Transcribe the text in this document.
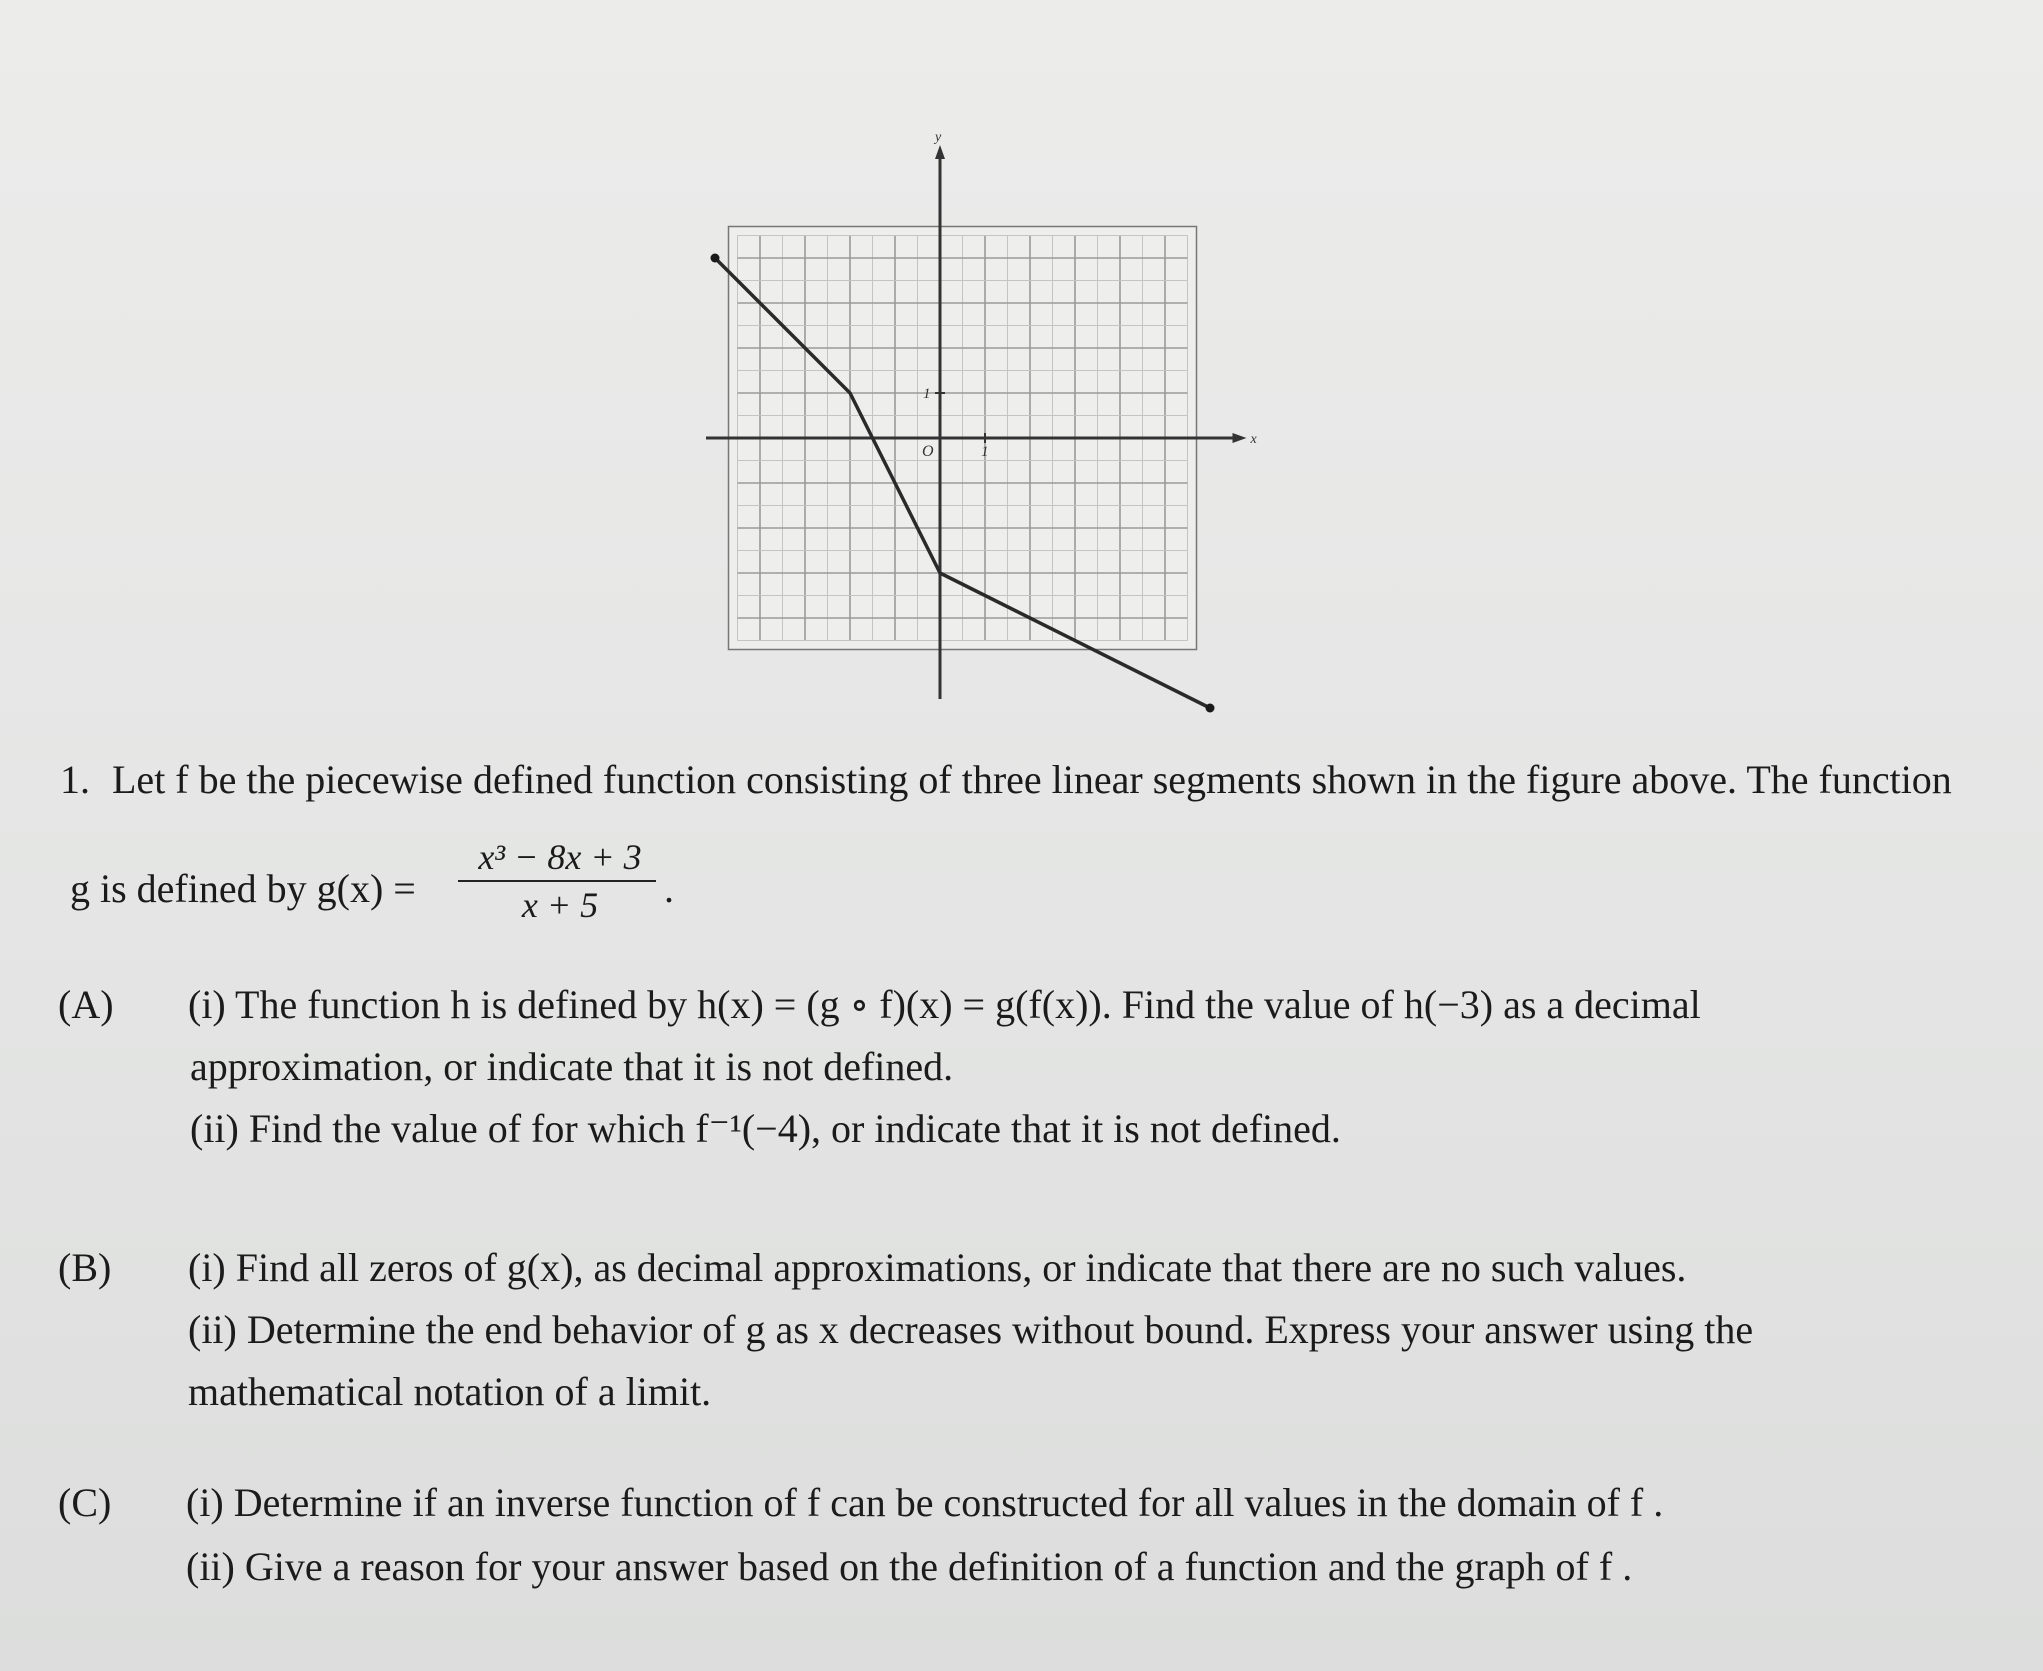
x
y
O	1
1
1. Let f be the piecewise defined function consisting of three linear segments shown in the figure above. The function
g is defined by g(x) =
x³ − 8x + 3
x + 5	.
(A) (i) The function h is defined by h(x) = (g ∘ f)(x) = g(f(x)). Find the value of h(−3) as a decimal
approximation, or indicate that it is not defined.
(ii) Find the value of for which f⁻¹(−4), or indicate that it is not defined.
(B) (i) Find all zeros of g(x), as decimal approximations, or indicate that there are no such values.
(ii) Determine the end behavior of g as x decreases without bound. Express your answer using the
mathematical notation of a limit.
(C) (i) Determine if an inverse function of f can be constructed for all values in the domain of f .
(ii) Give a reason for your answer based on the definition of a function and the graph of f .
